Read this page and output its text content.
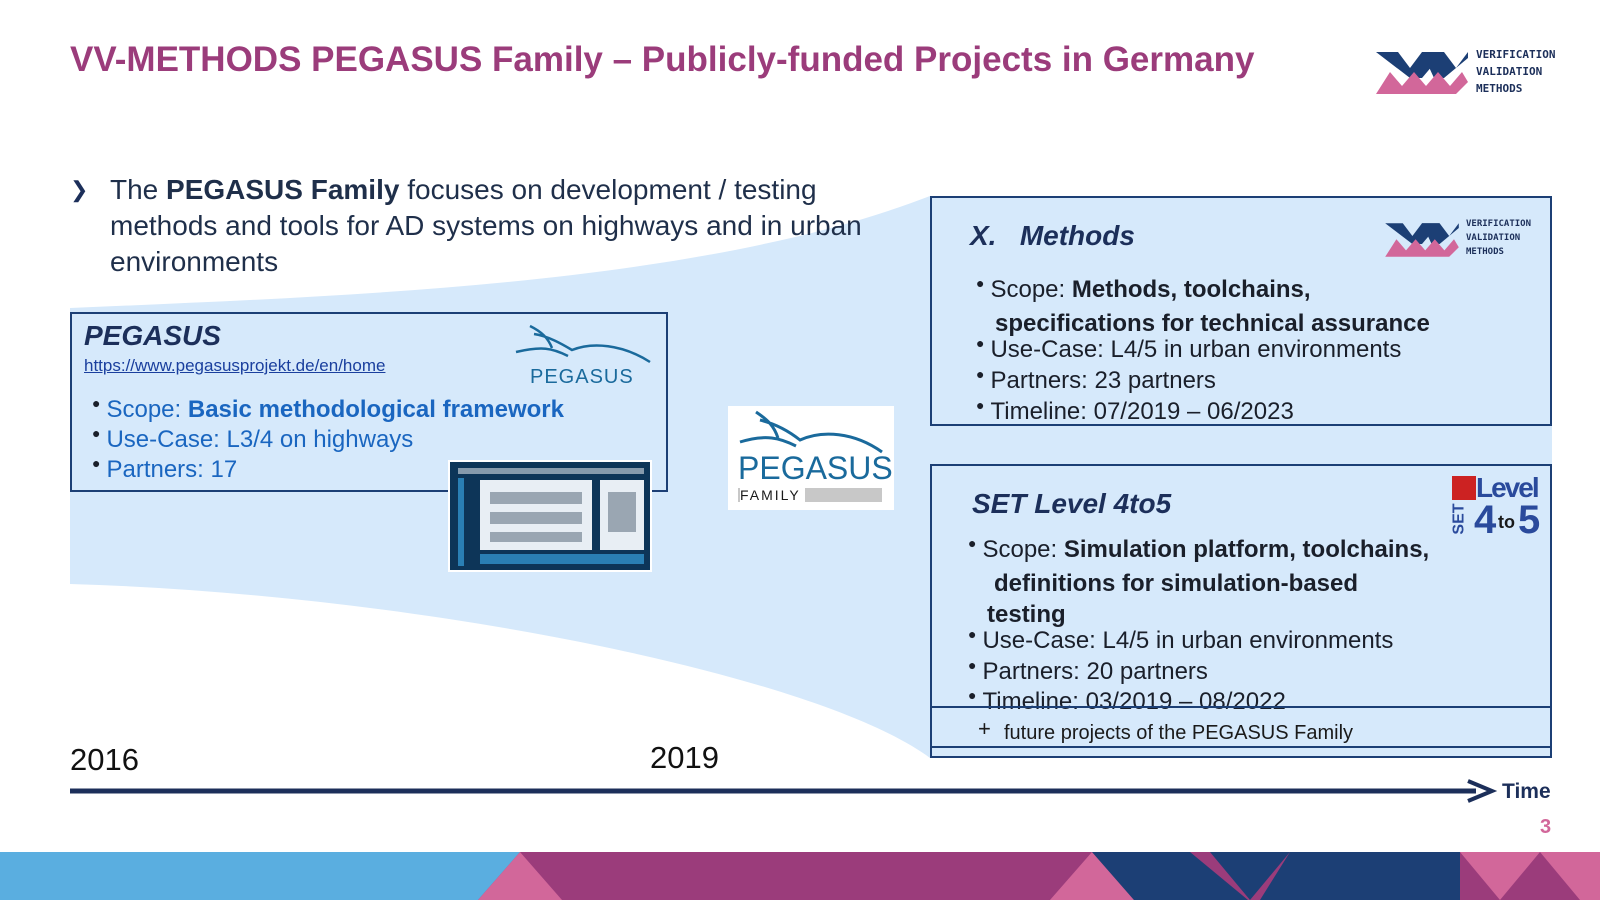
VV-METHODS PEGASUS Family – Publicly-funded Projects in Germany	VERIFICATION
VALIDATION
METHODS
❯ The PEGASUS Family focuses on development / testing methods and tools for AD systems on highways and in urban environments
PEGASUS
https://www.pegasusprojekt.de/en/home
PEGASUS
● Scope: Basic methodological framework
● Use-Case: L3/4 on highways
● Partners: 17	PEGASUS
FAMILY
X. Methods	VERIFICATION
VALIDATION
METHODS
● Scope: Methods, toolchains,
specifications for technical assurance
● Use-Case: L4/5 in urban environments
● Partners: 23 partners
● Timeline: 07/2019 – 06/2023
SET Level 4to5
Level
SET 4 to 5
● Scope: Simulation platform, toolchains,
definitions for simulation-based
testing
● Use-Case: L4/5 in urban environments
● Partners: 20 partners
● Timeline: 03/2019 – 08/2022
+ future projects of the PEGASUS Family
2016	2019
Time
3
